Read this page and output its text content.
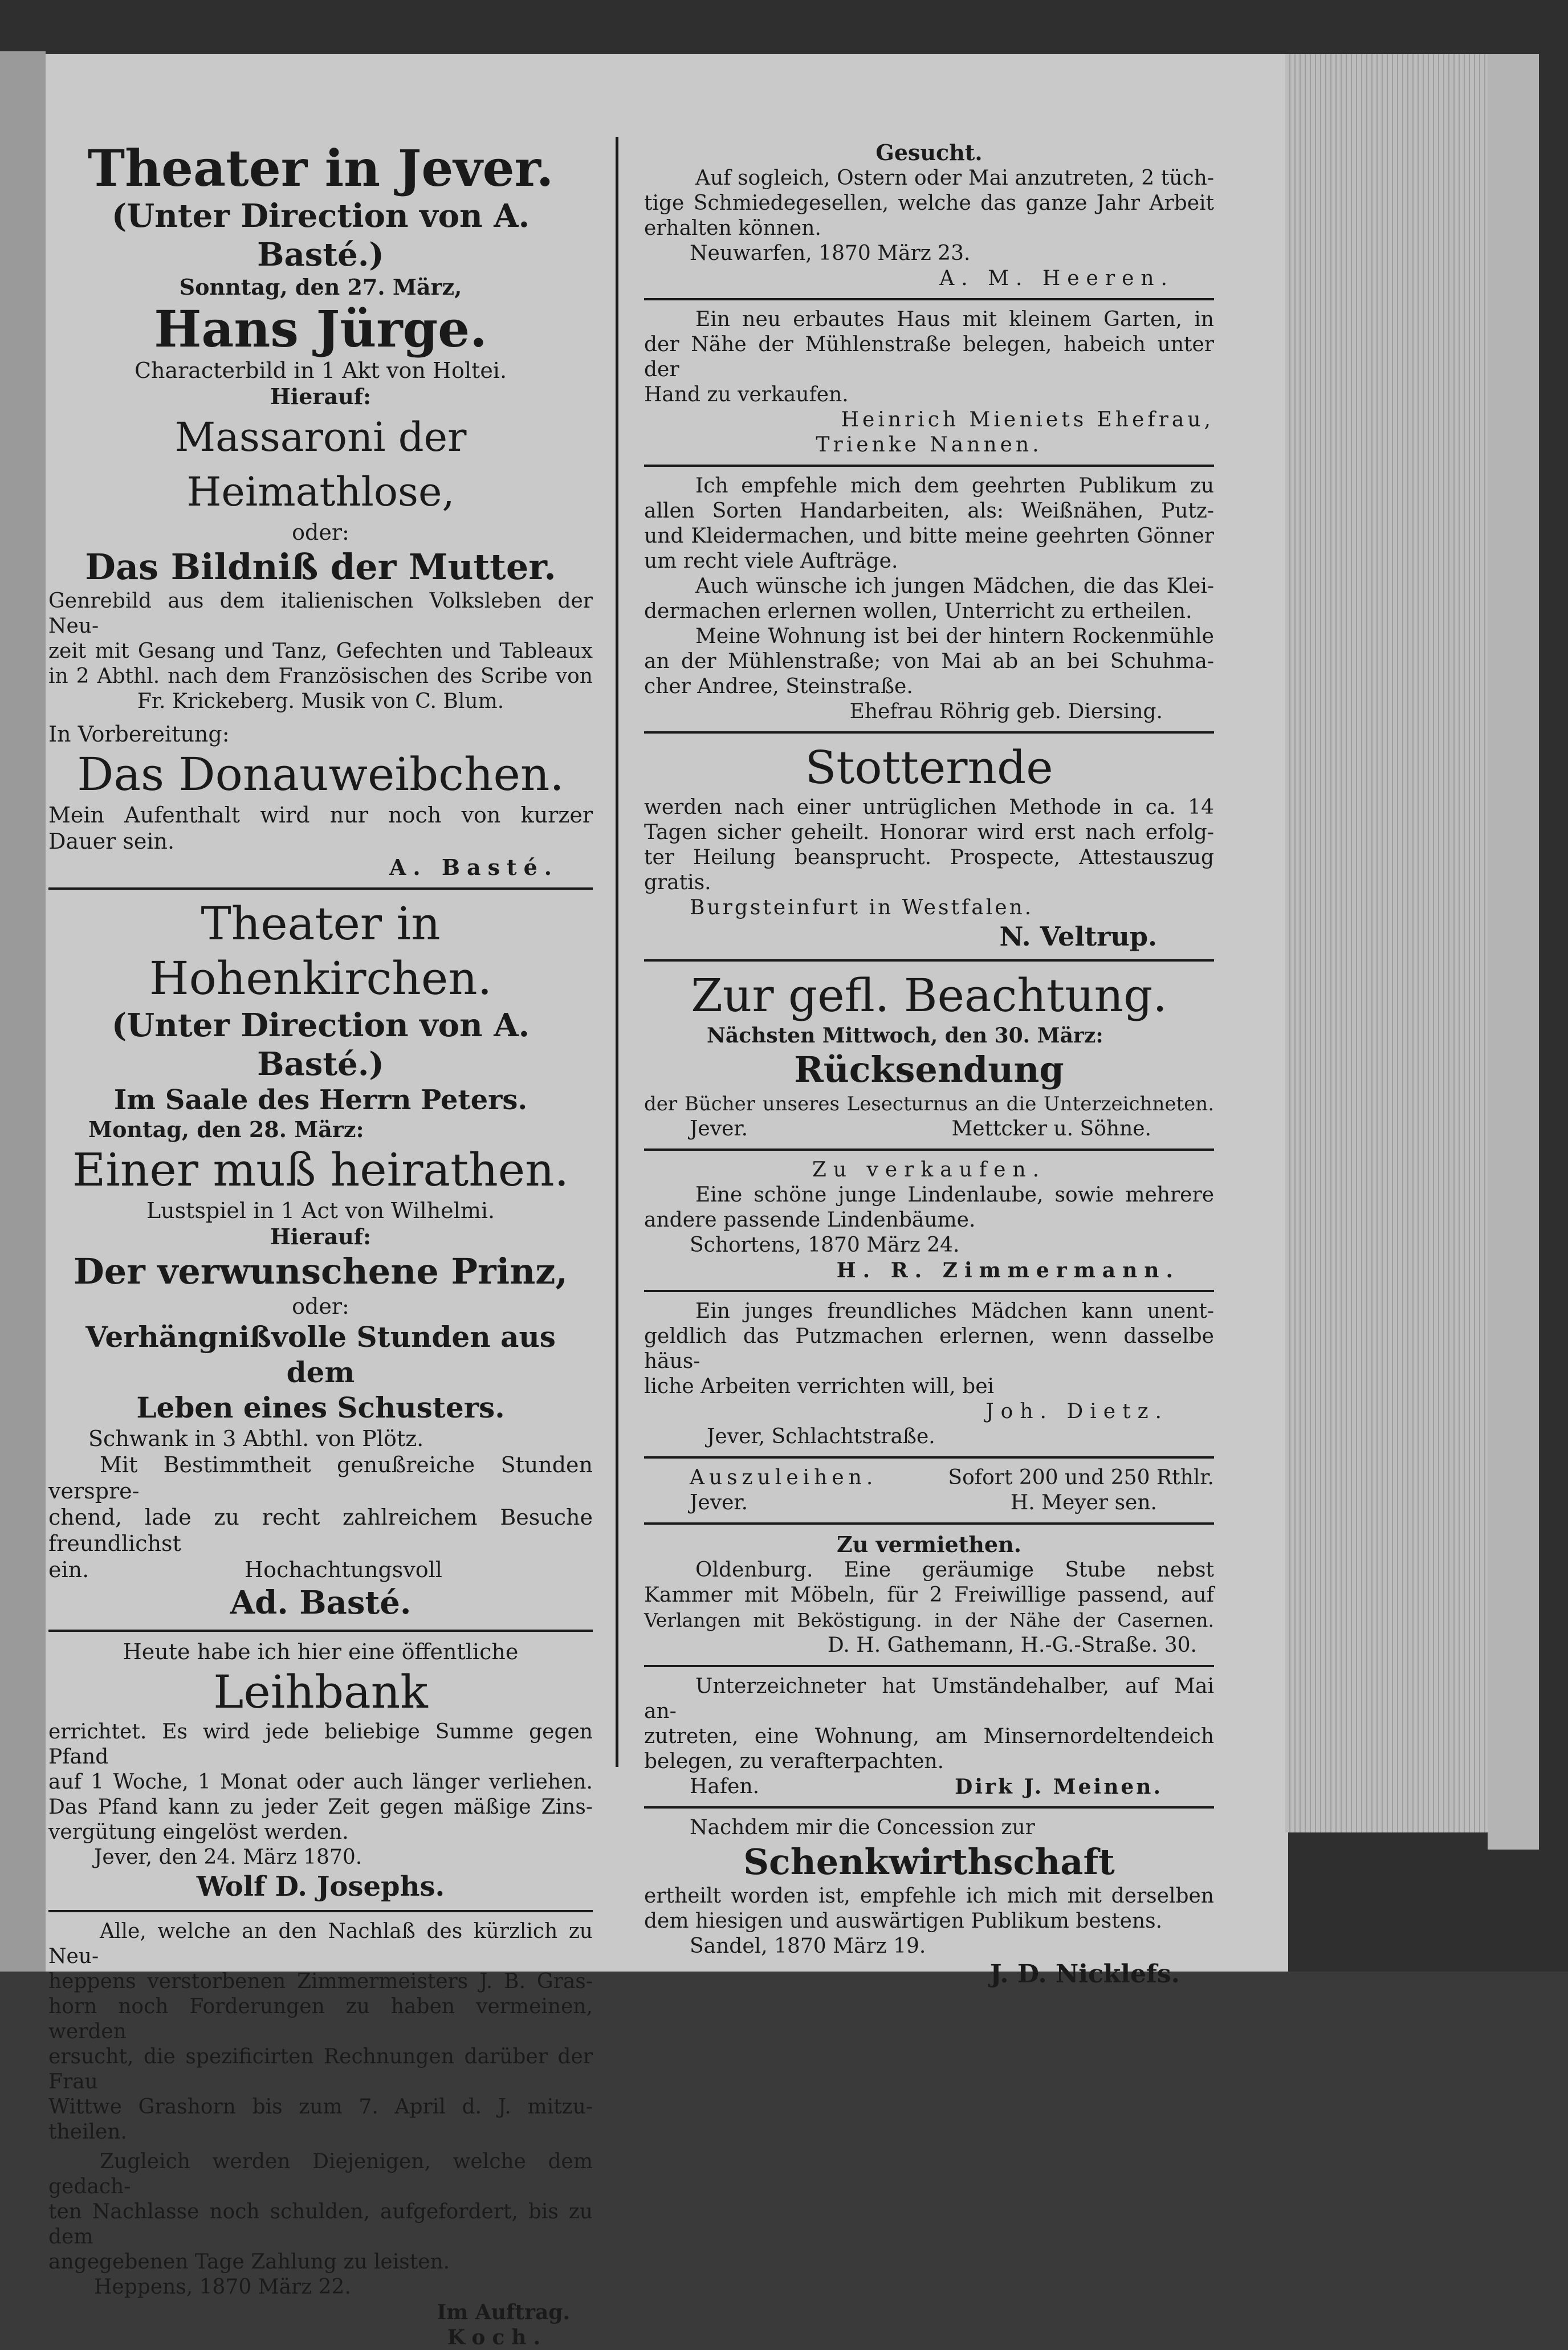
Theater in Jever.

(Unter Direction von A. Basté.)

Sonntag, den 27. März,

Hans Jürge.

Characterbild in 1 Akt von Holtei.

Hierauf:

Massaroni der Heimathlose,

oder:

Das Bildniß der Mutter.

Genrebild aus dem italienischen Volksleben der Neu-

zeit mit Gesang und Tanz, Gefechten und Tableaux

in 2 Abthl. nach dem Französischen des Scribe von

Fr. Krickeberg. Musik von C. Blum.

In Vorbereitung:

Das Donauweibchen.

Mein Aufenthalt wird nur noch von kurzer

Dauer sein.

A. Basté.

Theater in Hohenkirchen.

(Unter Direction von A. Basté.)

Im Saale des Herrn Peters.

Montag, den 28. März:

Einer muß heirathen.

Lustspiel in 1 Act von Wilhelmi.

Hierauf:

Der verwunschene Prinz,

oder:

Verhängnißvolle Stunden aus dem

Leben eines Schusters.

Schwank in 3 Abthl. von Plötz.

Mit Bestimmtheit genußreiche Stunden verspre-

chend, lade zu recht zahlreichem Besuche freundlichst

ein.	Hochachtungsvoll

Ad. Basté.

Heute habe ich hier eine öffentliche

Leihbank

errichtet. Es wird jede beliebige Summe gegen Pfand

auf 1 Woche, 1 Monat oder auch länger verliehen.

Das Pfand kann zu jeder Zeit gegen mäßige Zins-

vergütung eingelöst werden.

Jever, den 24. März 1870.

Wolf D. Josephs.

Alle, welche an den Nachlaß des kürzlich zu Neu-

heppens verstorbenen Zimmermeisters J. B. Gras-

horn noch Forderungen zu haben vermeinen, werden

ersucht, die spezificirten Rechnungen darüber der Frau

Wittwe Grashorn bis zum 7. April d. J. mitzu-

theilen.

Zugleich werden Diejenigen, welche dem gedach-

ten Nachlasse noch schulden, aufgefordert, bis zu dem

angegebenen Tage Zahlung zu leisten.

Heppens, 1870 März 22.

Im Auftrag.

Koch.

Gesucht.

Auf sogleich, Ostern oder Mai anzutreten, 2 tüch-

tige Schmiedegesellen, welche das ganze Jahr Arbeit

erhalten können.

Neuwarfen, 1870 März 23.

A. M. Heeren.

Ein neu erbautes Haus mit kleinem Garten, in

der Nähe der Mühlenstraße belegen, habeich unter der

Hand zu verkaufen.

Heinrich Mieniets Ehefrau,

Trienke Nannen.

Ich empfehle mich dem geehrten Publikum zu

allen Sorten Handarbeiten, als: Weißnähen, Putz-

und Kleidermachen, und bitte meine geehrten Gönner

um recht viele Aufträge.

Auch wünsche ich jungen Mädchen, die das Klei-

dermachen erlernen wollen, Unterricht zu ertheilen.

Meine Wohnung ist bei der hintern Rockenmühle

an der Mühlenstraße; von Mai ab an bei Schuhma-

cher Andree, Steinstraße.

Ehefrau Röhrig geb. Diersing.

Stotternde

werden nach einer untrüglichen Methode in ca. 14

Tagen sicher geheilt. Honorar wird erst nach erfolg-

ter Heilung beansprucht. Prospecte, Attestauszug

gratis.

Burgsteinfurt in Westfalen.

N. Veltrup.

Zur gefl. Beachtung.

Nächsten Mittwoch, den 30. März:

Rücksendung

der Bücher unseres Lesecturnus an die Unterzeichneten.

Jever.	Mettcker u. Söhne.

Zu verkaufen.

Eine schöne junge Lindenlaube, sowie mehrere

andere passende Lindenbäume.

Schortens, 1870 März 24.

H. R. Zimmermann.

Ein junges freundliches Mädchen kann unent-

geldlich das Putzmachen erlernen, wenn dasselbe häus-

liche Arbeiten verrichten will, bei

Joh. Dietz.

Jever, Schlachtstraße.

Auszuleihen.	Sofort 200 und 250 Rthlr.

Jever.	H. Meyer sen.

Zu vermiethen.

Oldenburg. Eine geräumige Stube nebst

Kammer mit Möbeln, für 2 Freiwillige passend, auf

Verlangen mit Beköstigung. in der Nähe der Casernen.

D. H. Gathemann, H.-G.-Straße. 30.

Unterzeichneter hat Umständehalber, auf Mai an-

zutreten, eine Wohnung, am Minsernordeltendeich

belegen, zu verafterpachten.

Hafen.	Dirk J. Meinen.

Nachdem mir die Concession zur

Schenkwirthschaft

ertheilt worden ist, empfehle ich mich mit derselben

dem hiesigen und auswärtigen Publikum bestens.

Sandel, 1870 März 19.

J. D. Nicklefs.
